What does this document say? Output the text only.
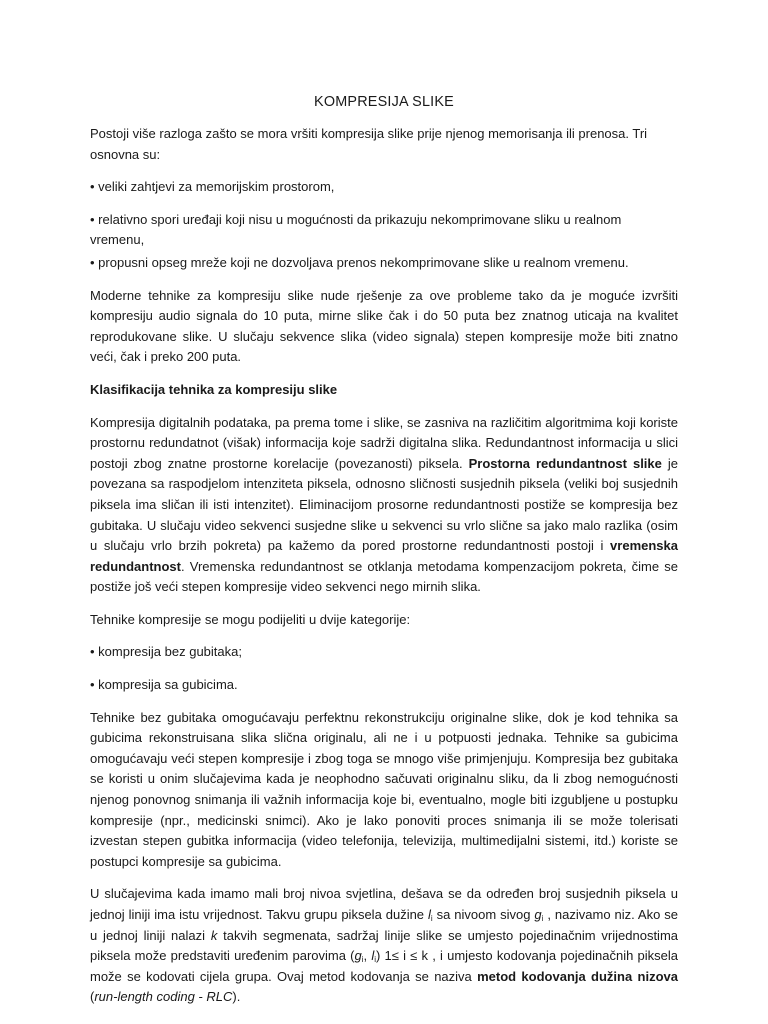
KOMPRESIJA SLIKE

Postoji više razloga zašto se mora vršiti kompresija slike prije njenog memorisanja ili prenosa. Tri osnovna su:

• veliki zahtjevi za memorijskim prostorom,

• relativno spori uređaji koji nisu u mogućnosti da prikazuju nekomprimovane sliku u realnom vremenu,

• propusni opseg mreže koji ne dozvoljava prenos nekomprimovane slike u realnom vremenu.

Moderne tehnike za kompresiju slike nude rješenje za ove probleme tako da je moguće izvršiti kompresiju audio signala do 10 puta, mirne slike čak i do 50 puta bez znatnog uticaja na kvalitet reprodukovane slike. U slučaju sekvence slika (video signala) stepen kompresije može biti znatno veći, čak i preko 200 puta.

Klasifikacija tehnika za kompresiju slike

Kompresija digitalnih podataka, pa prema tome i slike, se zasniva na različitim algoritmima koji koriste prostornu redundatnot (višak) informacija koje sadrži digitalna slika. Redundantnost informacija u slici postoji zbog znatne prostorne korelacije (povezanosti) piksela. Prostorna redundantnost slike je povezana sa raspodjelom intenziteta piksela, odnosno sličnosti susjednih piksela (veliki boj susjednih piksela ima sličan ili isti intenzitet). Eliminacijom prosorne redundantnosti postiže se kompresija bez gubitaka. U slučaju video sekvenci susjedne slike u sekvenci su vrlo slične sa jako malo razlika (osim u slučaju vrlo brzih pokreta) pa kažemo da pored prostorne redundantnosti postoji i vremenska redundantnost. Vremenska redundantnost se otklanja metodama kompenzacijom pokreta, čime se postiže još veći stepen kompresije video sekvenci nego mirnih slika.

Tehnike kompresije se mogu podijeliti u dvije kategorije:

• kompresija bez gubitaka;

• kompresija sa gubicima.

Tehnike bez gubitaka omogućavaju perfektnu rekonstrukciju originalne slike, dok je kod tehnika sa gubicima rekonstruisana slika slična originalu, ali ne i u potpuosti jednaka. Tehnike sa gubicima omogućavaju veći stepen kompresije i zbog toga se mnogo više primjenjuju. Kompresija bez gubitaka se koristi u onim slučajevima kada je neophodno sačuvati originalnu sliku, da li zbog nemogućnosti njenog ponovnog snimanja ili važnih informacija koje bi, eventualno, mogle biti izgubljene u postupku kompresije (npr., medicinski snimci). Ako je lako ponoviti proces snimanja ili se može tolerisati izvestan stepen gubitka informacija (video telefonija, televizija, multimedijalni sistemi, itd.) koriste se postupci kompresije sa gubicima.

U slučajevima kada imamo mali broj nivoa svjetlina, dešava se da određen broj susjednih piksela u jednoj liniji ima istu vrijednost. Takvu grupu piksela dužine $l_i$ sa nivoom sivog $g_i$ , nazivamo niz. Ako se u jednoj liniji nalazi k takvih segmenata, sadržaj linije slike se umjesto pojedinačnim vrijednostima piksela može predstaviti uređenim parovima ($g_i$, $l_i$) 1≤ i ≤ k , i umjesto kodovanja pojedinačnih piksela može se kodovati cijela grupa. Ovaj metod kodovanja se naziva metod kodovanja dužina nizova (run-length coding - RLC).
